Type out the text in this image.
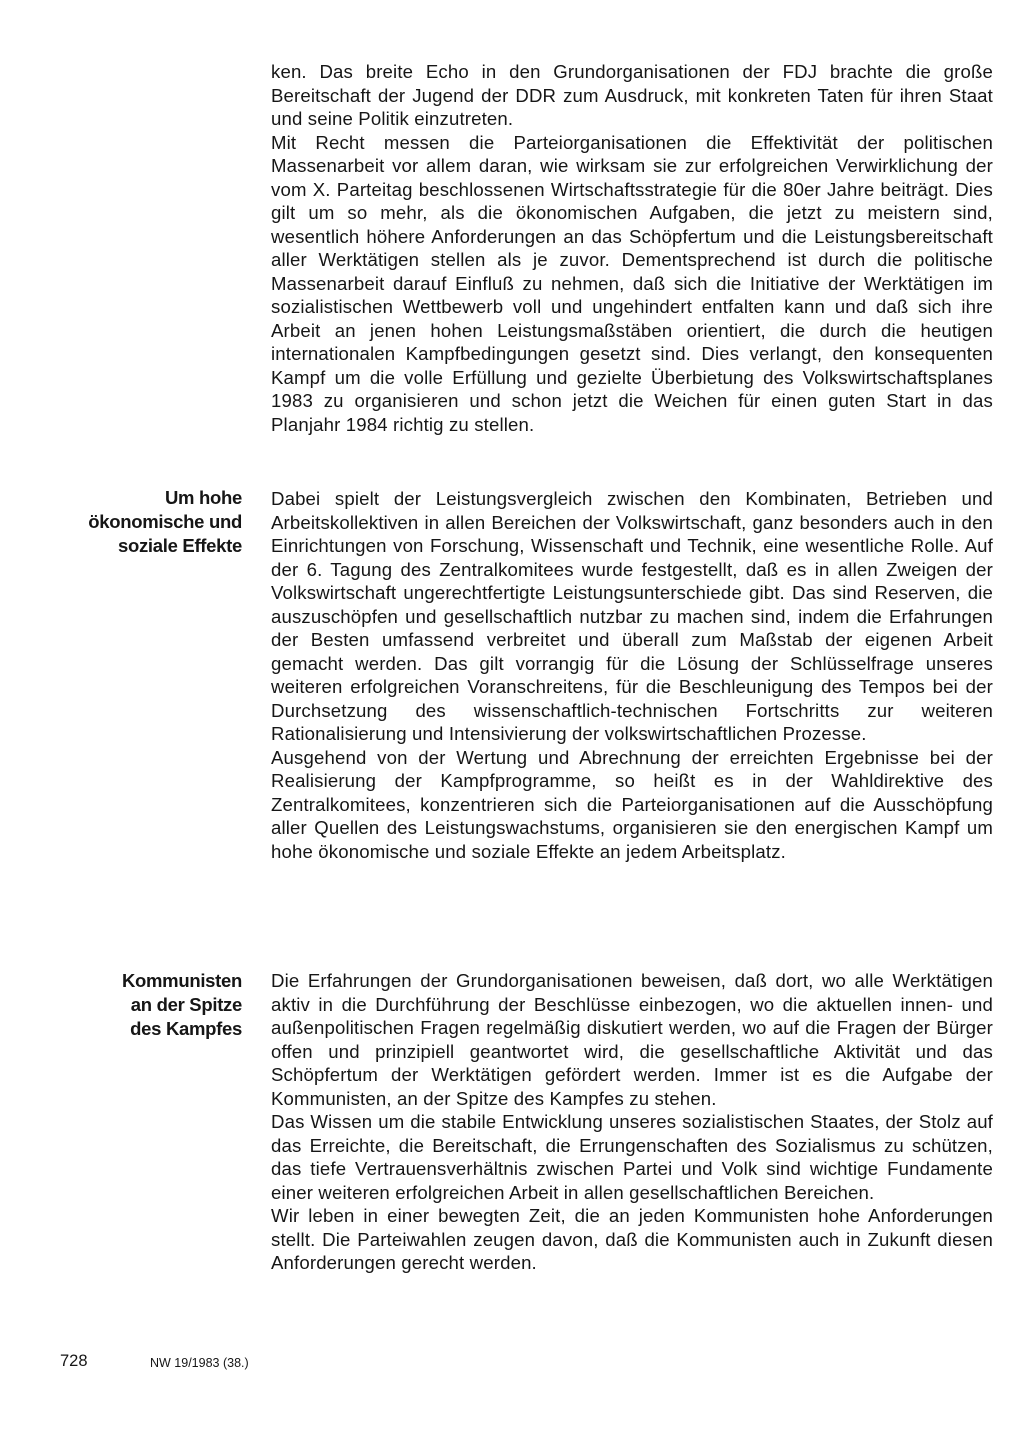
ken. Das breite Echo in den Grundorganisationen der FDJ brachte die große Bereitschaft der Jugend der DDR zum Ausdruck, mit konkreten Taten für ihren Staat und seine Politik einzutreten.

Mit Recht messen die Parteiorganisationen die Effektivität der politischen Massenarbeit vor allem daran, wie wirksam sie zur erfolgreichen Verwirklichung der vom X. Parteitag beschlossenen Wirtschaftsstrategie für die 80er Jahre beiträgt. Dies gilt um so mehr, als die ökonomischen Aufgaben, die jetzt zu meistern sind, wesentlich höhere Anforderungen an das Schöpfertum und die Leistungsbereitschaft aller Werktätigen stellen als je zuvor. Dementsprechend ist durch die politische Massenarbeit darauf Einfluß zu nehmen, daß sich die Initiative der Werktätigen im sozialistischen Wettbewerb voll und ungehindert entfalten kann und daß sich ihre Arbeit an jenen hohen Leistungsmaßstäben orientiert, die durch die heutigen internationalen Kampfbedingungen gesetzt sind. Dies verlangt, den konsequenten Kampf um die volle Erfüllung und gezielte Überbietung des Volkswirtschaftsplanes 1983 zu organisieren und schon jetzt die Weichen für einen guten Start in das Planjahr 1984 richtig zu stellen.

Um hohe
ökonomische und
soziale Effekte

Dabei spielt der Leistungsvergleich zwischen den Kombinaten, Betrieben und Arbeitskollektiven in allen Bereichen der Volkswirtschaft, ganz besonders auch in den Einrichtungen von Forschung, Wissenschaft und Technik, eine wesentliche Rolle. Auf der 6. Tagung des Zentralkomitees wurde festgestellt, daß es in allen Zweigen der Volkswirtschaft ungerechtfertigte Leistungsunterschiede gibt. Das sind Reserven, die auszuschöpfen und gesellschaftlich nutzbar zu machen sind, indem die Erfahrungen der Besten umfassend verbreitet und überall zum Maßstab der eigenen Arbeit gemacht werden. Das gilt vorrangig für die Lösung der Schlüsselfrage unseres weiteren erfolgreichen Voranschreitens, für die Beschleunigung des Tempos bei der Durchsetzung des wissenschaftlich-technischen Fortschritts zur weiteren Rationalisierung und Intensivierung der volkswirtschaftlichen Prozesse.

Ausgehend von der Wertung und Abrechnung der erreichten Ergebnisse bei der Realisierung der Kampfprogramme, so heißt es in der Wahldirektive des Zentralkomitees, konzentrieren sich die Parteiorganisationen auf die Ausschöpfung aller Quellen des Leistungswachstums, organisieren sie den energischen Kampf um hohe ökonomische und soziale Effekte an jedem Arbeitsplatz.

Kommunisten
an der Spitze
des Kampfes

Die Erfahrungen der Grundorganisationen beweisen, daß dort, wo alle Werktätigen aktiv in die Durchführung der Beschlüsse einbezogen, wo die aktuellen innen- und außenpolitischen Fragen regelmäßig diskutiert werden, wo auf die Fragen der Bürger offen und prinzipiell geantwortet wird, die gesellschaftliche Aktivität und das Schöpfertum der Werktätigen gefördert werden. Immer ist es die Aufgabe der Kommunisten, an der Spitze des Kampfes zu stehen.

Das Wissen um die stabile Entwicklung unseres sozialistischen Staates, der Stolz auf das Erreichte, die Bereitschaft, die Errungenschaften des Sozialismus zu schützen, das tiefe Vertrauensverhältnis zwischen Partei und Volk sind wichtige Fundamente einer weiteren erfolgreichen Arbeit in allen gesellschaftlichen Bereichen.

Wir leben in einer bewegten Zeit, die an jeden Kommunisten hohe Anforderungen stellt. Die Parteiwahlen zeugen davon, daß die Kommunisten auch in Zukunft diesen Anforderungen gerecht werden.

728	NW 19/1983 (38.)
